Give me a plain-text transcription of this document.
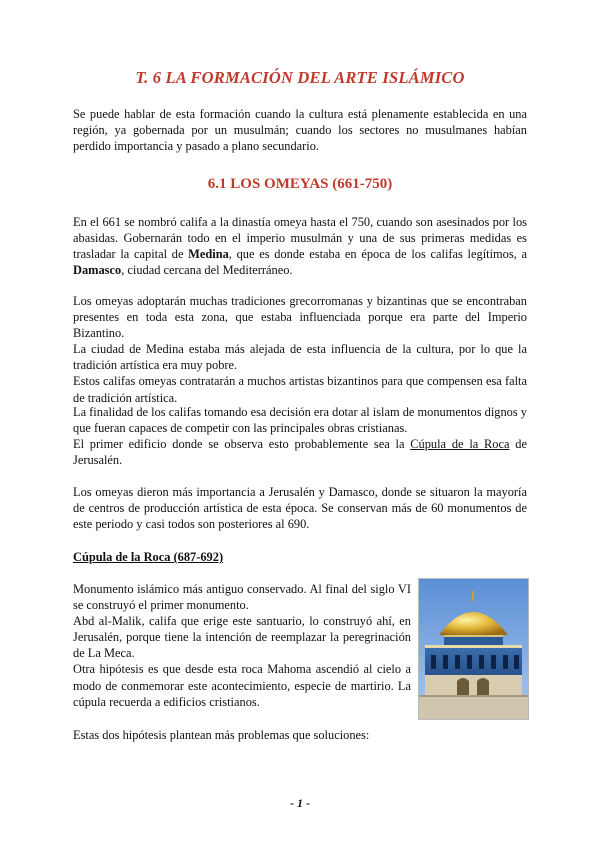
T. 6 LA FORMACIÓN DEL ARTE ISLÁMICO

Se puede hablar de esta formación cuando la cultura está plenamente establecida en una región, ya gobernada por un musulmán; cuando los sectores no musulmanes habían perdido importancia y pasado a plano secundario.

6.1 LOS OMEYAS (661-750)

En el 661 se nombró califa a la dinastía omeya hasta el 750, cuando son asesinados por los abasidas. Gobernarán todo en el imperio musulmán y una de sus primeras medidas es trasladar la capital de Medina, que es donde estaba en época de los califas legítimos, a Damasco, ciudad cercana del Mediterráneo.

Los omeyas adoptarán muchas tradiciones grecorromanas y bizantinas que se encontraban presentes en toda esta zona, que estaba influenciada porque era parte del Imperio Bizantino.
La ciudad de Medina estaba más alejada de esta influencia de la cultura, por lo que la tradición artística era muy pobre.
Estos califas omeyas contratarán a muchos artistas bizantinos para que compensen esa falta de tradición artística.
La finalidad de los califas tomando esa decisión era dotar al islam de monumentos dignos y que fueran capaces de competir con las principales obras cristianas.
El primer edificio donde se observa esto probablemente sea la Cúpula de la Roca de Jerusalén.

Los omeyas dieron más importancia a Jerusalén y Damasco, donde se situaron la mayoría de centros de producción artística de esta época. Se conservan más de 60 monumentos de este periodo y casi todos son posteriores al 690.

Cúpula de la Roca (687-692)
Monumento islámico más antiguo conservado. Al final del siglo VI se construyó el primer monumento.
Abd al-Malik, califa que erige este santuario, lo construyó ahí, en Jerusalén, porque tiene la intención de reemplazar la peregrinación de La Meca.
Otra hipótesis es que desde esta roca Mahoma ascendió al cielo a modo de conmemorar este acontecimiento, especie de martirio. La cúpula recuerda a edificios cristianos.

Estas dos hipótesis plantean más problemas que soluciones:

- 1 -
